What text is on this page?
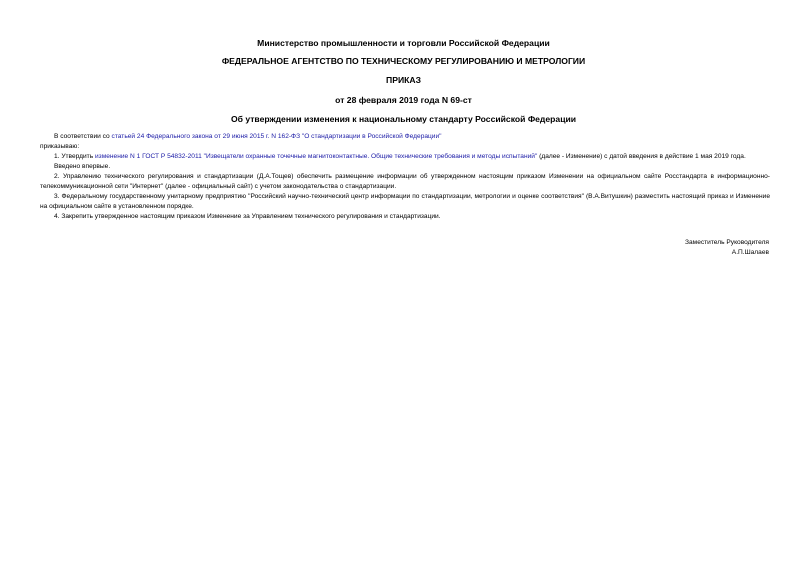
Министерство промышленности и торговли Российской Федерации
ФЕДЕРАЛЬНОЕ АГЕНТСТВО ПО ТЕХНИЧЕСКОМУ РЕГУЛИРОВАНИЮ И МЕТРОЛОГИИ
ПРИКАЗ
от 28 февраля 2019 года N 69-ст
Об утверждении изменения к национальному стандарту Российской Федерации

В соответствии со статьей 24 Федерального закона от 29 июня 2015 г. N 162-ФЗ "О стандартизации в Российской Федерации"

приказываю:

1. Утвердить изменение N 1 ГОСТ Р 54832-2011 "Извещатели охранные точечные магнитоконтактные. Общие технические требования и методы испытаний" (далее - Изменение) с датой введения в действие 1 мая 2019 года.

Введено впервые.

2. Управлению технического регулирования и стандартизации (Д.А.Тощев) обеспечить размещение информации об утвержденном настоящим приказом Изменении на официальном сайте Росстандарта в информационно-телекоммуникационной сети "Интернет" (далее - официальный сайт) с учетом законодательства о стандартизации.

3. Федеральному государственному унитарному предприятию "Российский научно-технический центр информации по стандартизации, метрологии и оценке соответствия" (В.А.Витушкин) разместить настоящий приказ и Изменение на официальном сайте в установленном порядке.

4. Закрепить утвержденное настоящим приказом Изменение за Управлением технического регулирования и стандартизации.

Заместитель Руководителя
А.П.Шалаев
